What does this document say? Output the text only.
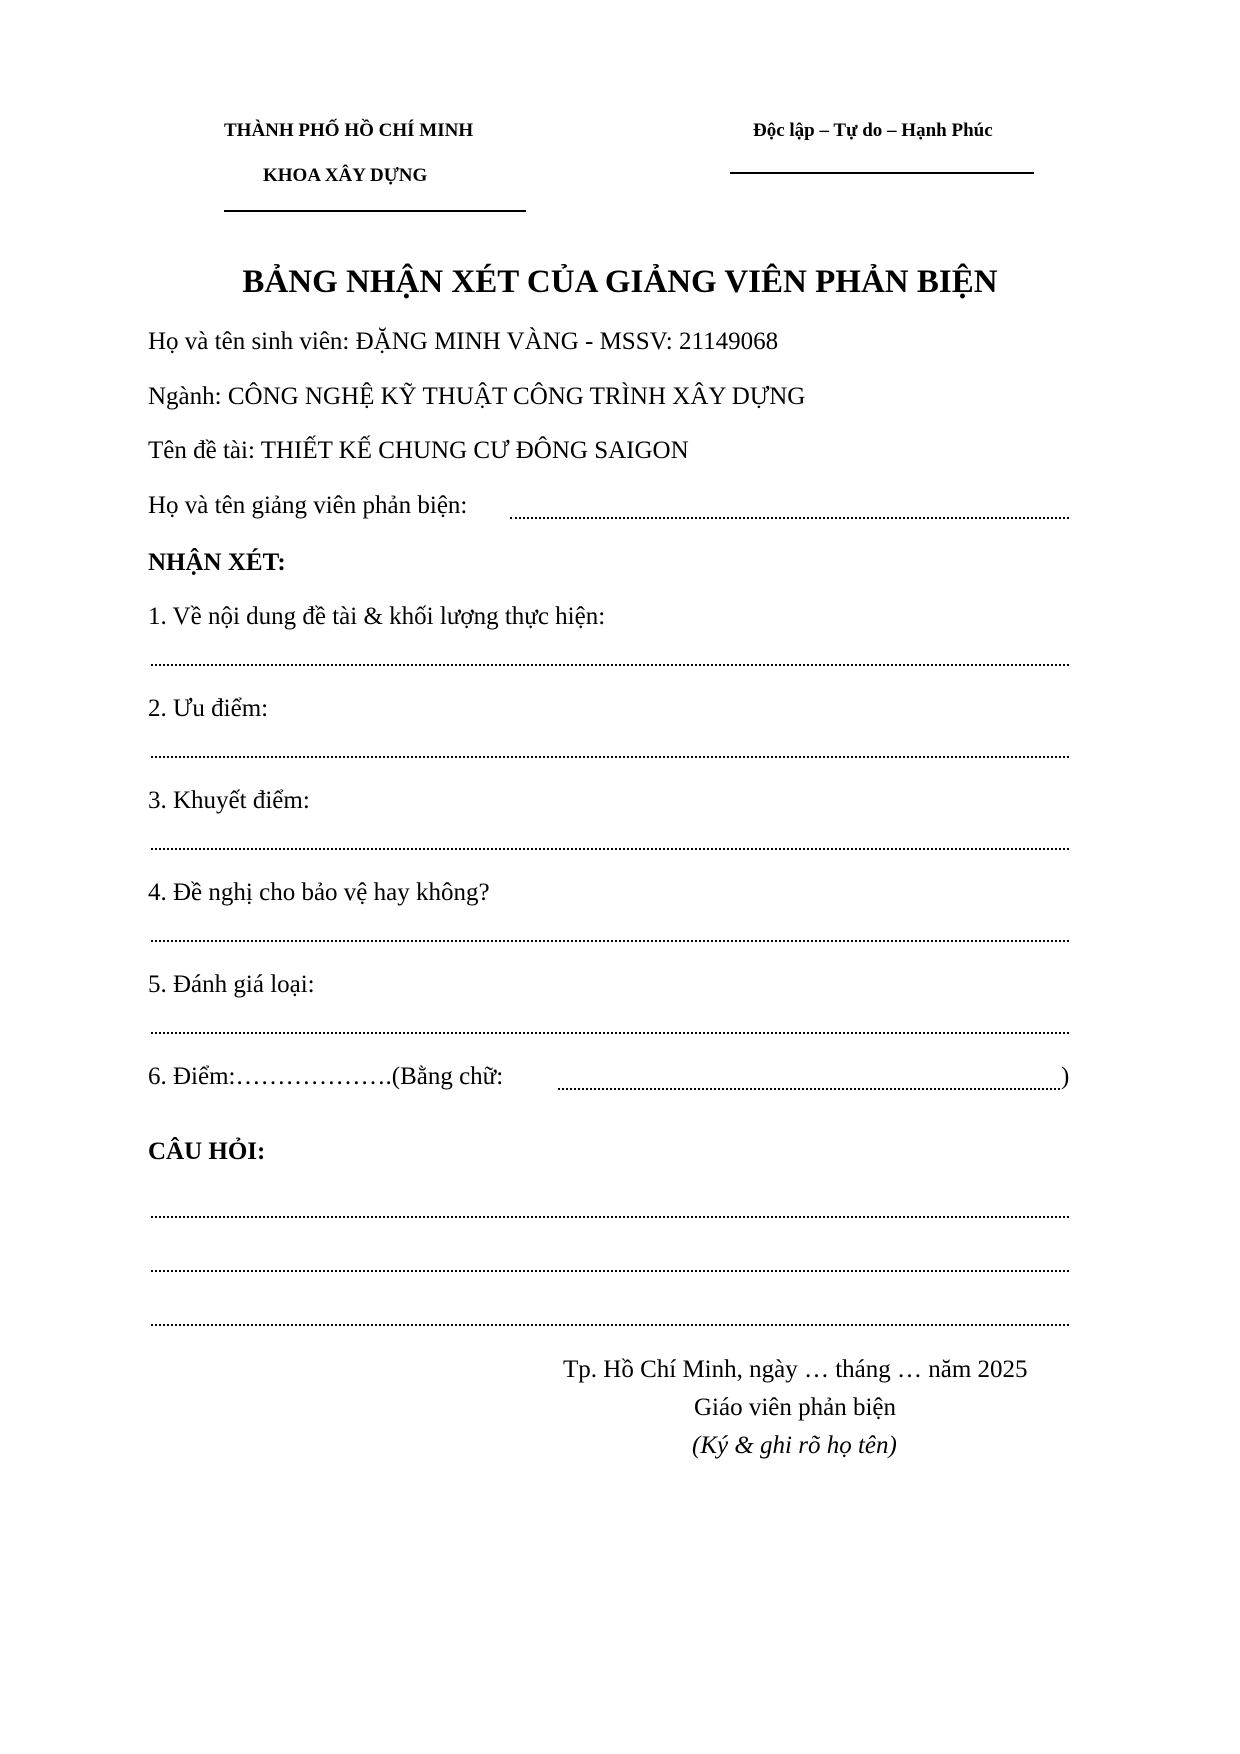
THÀNH PHỐ HỒ CHÍ MINH
KHOA XÂY DỰNG
Độc lập – Tự do – Hạnh Phúc
BẢNG NHẬN XÉT CỦA GIẢNG VIÊN PHẢN BIỆN
Họ và tên sinh viên: ĐẶNG MINH VÀNG - MSSV: 21149068
Ngành: CÔNG NGHỆ KỸ THUẬT CÔNG TRÌNH XÂY DỰNG
Tên đề tài: THIẾT KẾ CHUNG CƯ ĐÔNG SAIGON
Họ và tên giảng viên phản biện:
NHẬN XÉT:
1. Về nội dung đề tài & khối lượng thực hiện:
2. Ưu điểm:
3. Khuyết điểm:
4. Đề nghị cho bảo vệ hay không?
5. Đánh giá loại:
6. Điểm:……………….(Bằng chữ:	)
CÂU HỎI:
Tp. Hồ Chí Minh, ngày … tháng … năm 2025
Giáo viên phản biện
(Ký & ghi rõ họ tên)
